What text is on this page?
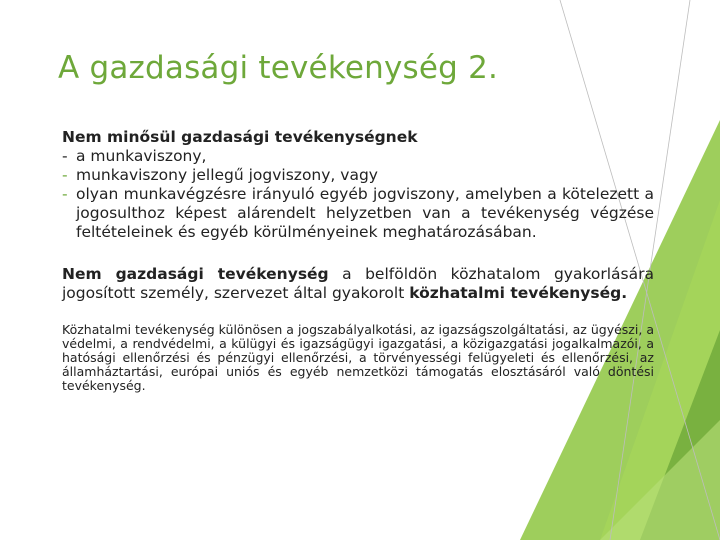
A gazdasági tevékenység 2.
Nem minősül gazdasági tevékenységnek
- a munkaviszony,
- munkaviszony jellegű jogviszony, vagy
- olyan munkavégzésre irányuló egyéb jogviszony, amelyben a kötelezett a jogosulthoz képest alárendelt helyzetben van a tevékenység végzése feltételeinek és egyéb körülményeinek meghatározásában.
Nem gazdasági tevékenység a belföldön közhatalom gyakorlására jogosított személy, szervezet által gyakorolt közhatalmi tevékenység.
Közhatalmi tevékenység különösen a jogszabályalkotási, az igazságszolgáltatási, az ügyészi, a védelmi, a rendvédelmi, a külügyi és igazságügyi igazgatási, a közigazgatási jogalkalmazói, a hatósági ellenőrzési és pénzügyi ellenőrzési, a törvényességi felügyeleti és ellenőrzési, az államháztartási, európai uniós és egyéb nemzetközi támogatás elosztásáról való döntési tevékenység.
